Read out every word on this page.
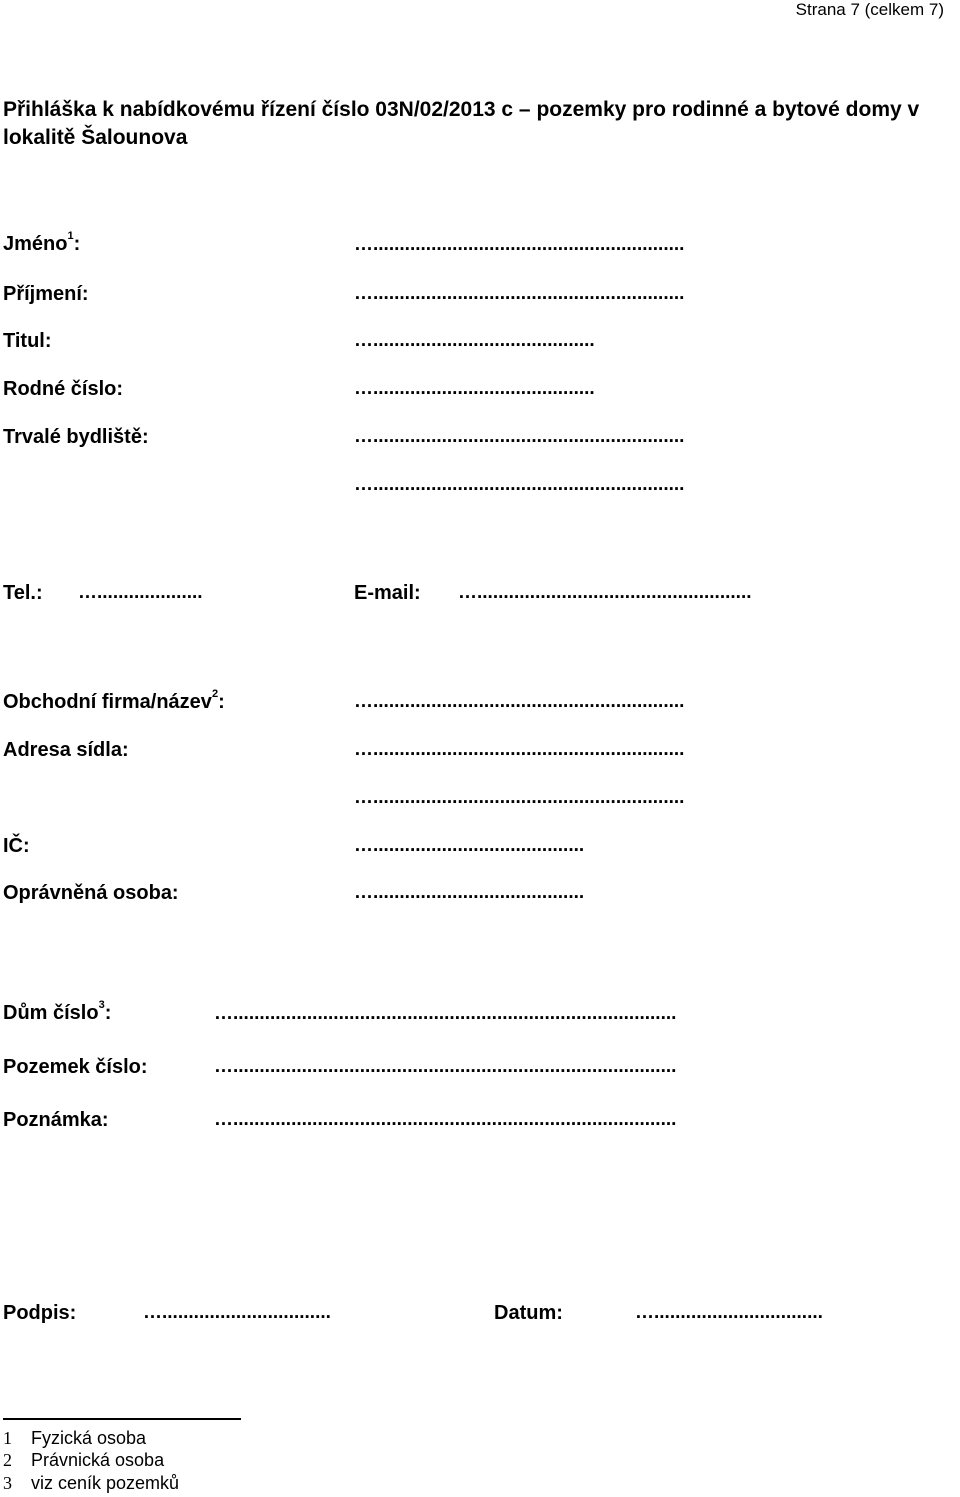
Strana 7 (celkem 7)
Přihláška k nabídkovému řízení číslo 03N/02/2013 c – pozemky pro rodinné a bytové domy v lokalitě Šalounova
Jméno$^1$:	…...........................................................
Příjmení:	…...........................................................
Titul:	…..........................................
Rodné číslo:	…..........................................
Trvalé bydliště:	…...........................................................
…...........................................................
Tel.: …....................	E-mail: …....................................................
Obchodní firma/název$^2$:	…...........................................................
Adresa sídla:	…...........................................................
…...........................................................
IČ:	…........................................
Oprávněná osoba:	…........................................
Dům číslo$^3$:	…....................................................................................
Pozemek číslo:	…....................................................................................
Poznámka:	…....................................................................................
Podpis:	…................................	Datum:	…................................
1 Fyzická osoba
2 Právnická osoba
3 viz ceník pozemků
